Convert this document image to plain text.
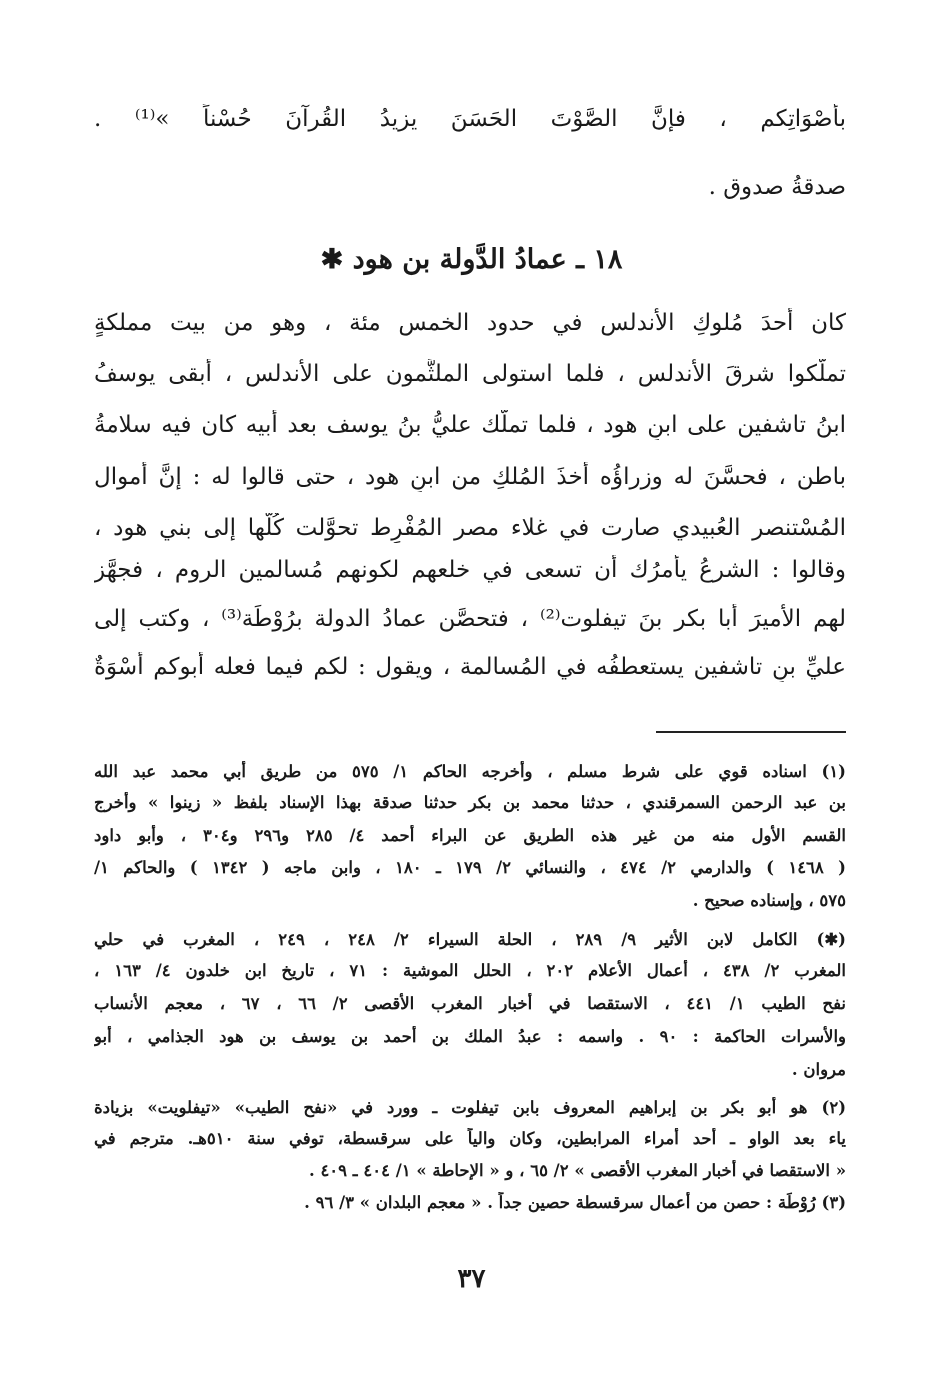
بأَصْوَاتِكم ، فإنَّ الصَّوْتَ الحَسَنَ يزيدُ القُرآنَ حُسْناً »⁽¹⁾ .
صدقةُ صدوق .
١٨ ـ عمادُ الدَّولة بن هود ✱
كان أحدَ مُلوكِ الأندلس في حدود الخمس مئة ، وهو من بيت مملكةٍ
تملَّكوا شرقَ الأندلس ، فلما استولى الملثَّمون على الأندلس ، أبقى يوسفُ
ابنُ تاشفين على ابنِ هود ، فلما تملَّك عليُّ بنُ يوسف بعد أبيه كان فيه سلامةُ
باطن ، فحسَّنَ له وزراؤُه أخذَ المُلكِ من ابنِ هود ، حتى قالوا له : إنَّ أموال
المُسْتنصر العُبيدي صارت في غلاء مصر المُفْرِط تحوَّلت كُلُّها إلى بني هود ،
وقالوا : الشرعُ يأمرُك أن تسعى في خلعهم لكونهم مُسالمين الروم ، فجهَّز
لهم الأميرَ أبا بكر بنَ تيفلوت⁽²⁾ ، فتحصَّن عمادُ الدولة برُوْطَة⁽³⁾ ، وكتب إلى
عليِّ بنِ تاشفين يستعطفُه في المُسالمة ، ويقول : لكم فيما فعله أبوكم أُسْوَةٌ
(١) اسناده قوي على شرط مسلم ، وأخرجه الحاكم ١/ ٥٧٥ من طريق أبي محمد عبد الله
بن عبد الرحمن السمرقندي ، حدثنا محمد بن بكر حدثنا صدقة بهذا الإسناد بلفظ « زينوا » وأخرج
القسم الأول منه من غير هذه الطريق عن البراء أحمد ٤/ ٢٨٥ و٢٩٦ و٣٠٤ ، وأبو داود
( ١٤٦٨ ) والدارمي ٢/ ٤٧٤ ، والنسائي ٢/ ١٧٩ ـ ١٨٠ ، وابن ماجه ( ١٣٤٢ ) والحاكم ١/
٥٧٥ ، وإسناده صحيح .
(✱) الكامل لابن الأثير ٩/ ٢٨٩ ، الحلة السيراء ٢/ ٢٤٨ ، ٢٤٩ ، المغرب في حلي
المغرب ٢/ ٤٣٨ ، أعمال الأعلام ٢٠٢ ، الحلل الموشية : ٧١ ، تاريخ ابن خلدون ٤/ ١٦٣ ،
نفح الطيب ١/ ٤٤١ ، الاستقصا في أخبار المغرب الأقصى ٢/ ٦٦ ، ٦٧ ، معجم الأنساب
والأسرات الحاكمة : ٩٠ . واسمه : عبدُ الملك بن أحمد بن يوسف بن هود الجذامي ، أبو
مروان .
(٢) هو أبو بكر بن إبراهيم المعروف بابن تيفلوت ـ وورد في «نفح الطيب» «تيفلويت» بزيادة
ياء بعد الواو ـ أحد أمراء المرابطين، وكان والياً على سرقسطة، توفي سنة ٥١٠هـ. مترجم في
« الاستقصا في أخبار المغرب الأقصى » ٢/ ٦٥ ، و « الإحاطة » ١/ ٤٠٤ ـ ٤٠٩ .
(٣) رُوْطَة : حصن من أعمال سرقسطة حصين جداً . « معجم البلدان » ٣/ ٩٦ .
٣٧
